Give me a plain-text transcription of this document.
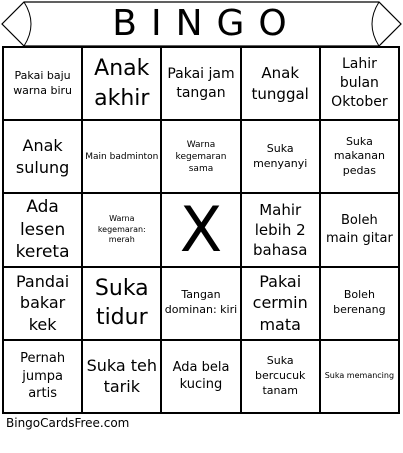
BINGO
Pakai baju warna biru
Anak akhir
Pakai jam tangan
Anak tunggal
Lahir bulan Oktober
Anak sulung
Main badminton
Warna kegemaran sama
Suka menyanyi
Suka makanan pedas
Ada lesen kereta
Warna kegemaran: merah X	Mahir lebih 2 bahasa
Boleh main gitar
Pandai bakar kek
Suka tidur
Tangan dominan: kiri
Pakai cermin mata
Boleh berenang
Pernah jumpa artis
Suka teh tarik
Ada bela kucing
Suka bercucuk tanam
Suka memancing
BingoCardsFree.com
